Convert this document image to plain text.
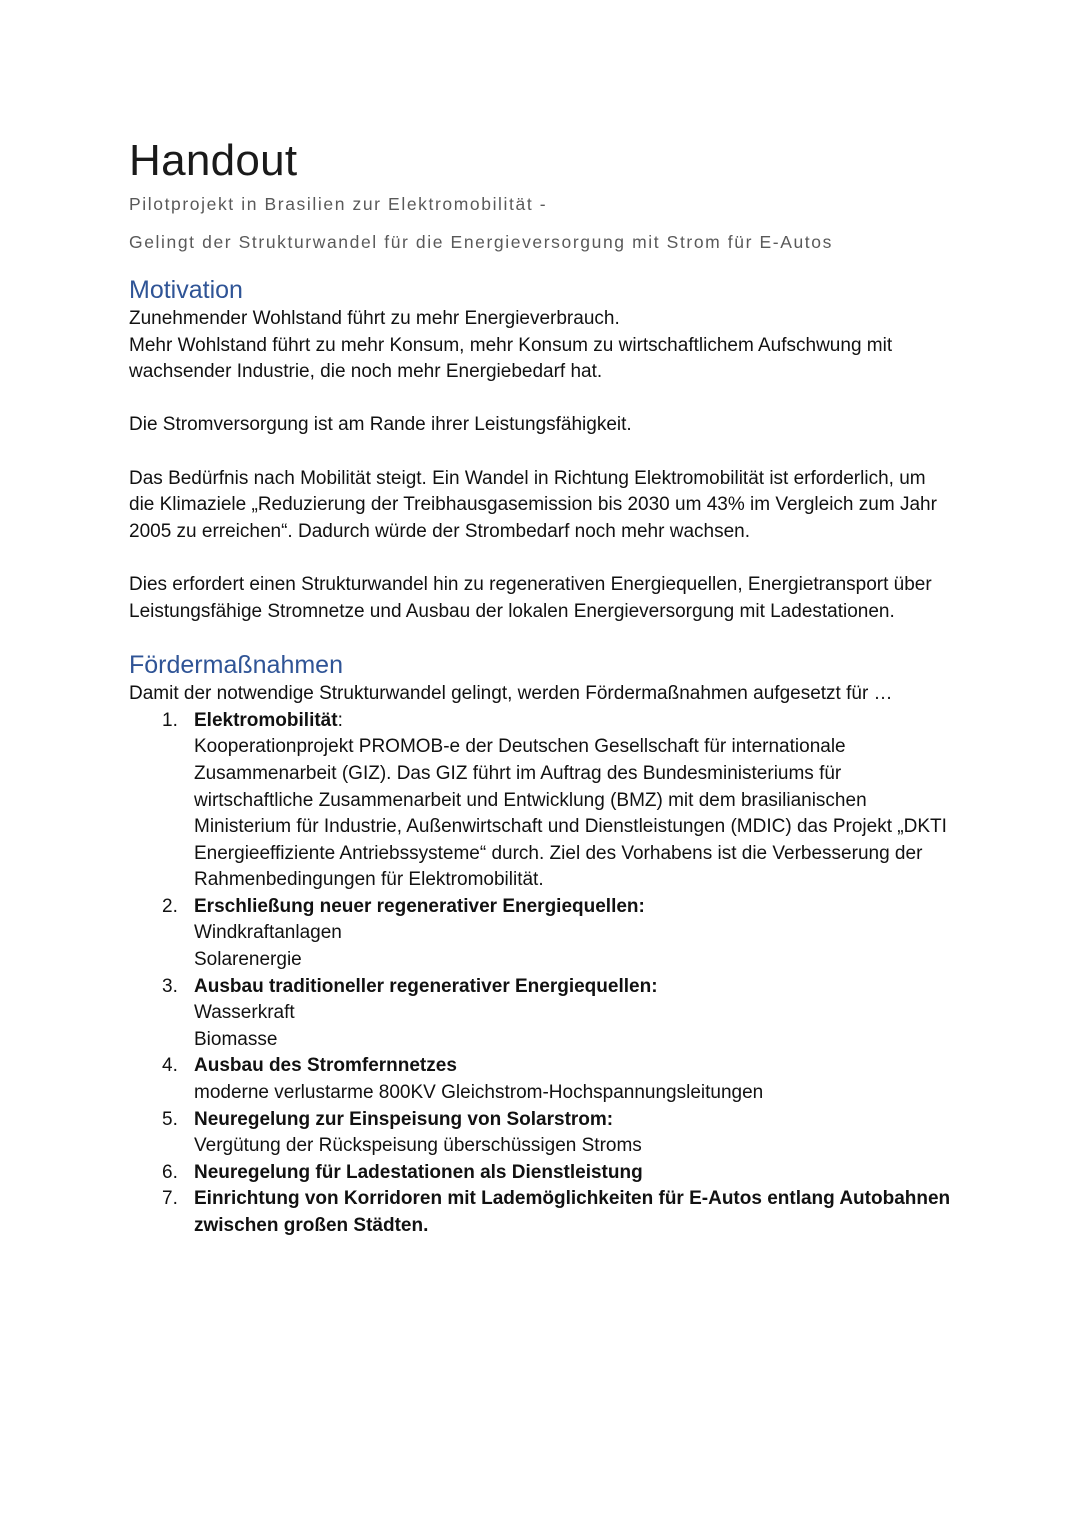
Handout

Pilotprojekt in Brasilien zur Elektromobilität -

Gelingt der Strukturwandel für die Energieversorgung mit Strom für E-Autos

Motivation

Zunehmender Wohlstand führt zu mehr Energieverbrauch.

Mehr Wohlstand führt zu mehr Konsum, mehr Konsum zu wirtschaftlichem Aufschwung mit wachsender Industrie, die noch mehr Energiebedarf hat.

Die Stromversorgung ist am Rande ihrer Leistungsfähigkeit.

Das Bedürfnis nach Mobilität steigt. Ein Wandel in Richtung Elektromobilität ist erforderlich, um die Klimaziele „Reduzierung der Treibhausgasemission bis 2030 um 43% im Vergleich zum Jahr 2005 zu erreichen“. Dadurch würde der Strombedarf noch mehr wachsen.

Dies erfordert einen Strukturwandel hin zu regenerativen Energiequellen, Energietransport über Leistungsfähige Stromnetze und Ausbau der lokalen Energieversorgung mit Ladestationen.

Fördermaßnahmen

Damit der notwendige Strukturwandel gelingt, werden Fördermaßnahmen aufgesetzt für …

1. Elektromobilität:
Kooperationprojekt PROMOB-e der Deutschen Gesellschaft für internationale Zusammenarbeit (GIZ). Das GIZ führt im Auftrag des Bundesministeriums für wirtschaftliche Zusammenarbeit und Entwicklung (BMZ) mit dem brasilianischen Ministerium für Industrie, Außenwirtschaft und Dienstleistungen (MDIC) das Projekt „DKTI Energieeffiziente Antriebssysteme“ durch. Ziel des Vorhabens ist die Verbesserung der Rahmenbedingungen für Elektromobilität.
2. Erschließung neuer regenerativer Energiequellen:
Windkraftanlagen
Solarenergie
3. Ausbau traditioneller regenerativer Energiequellen:
Wasserkraft
Biomasse
4. Ausbau des Stromfernnetzes
moderne verlustarme 800KV Gleichstrom-Hochspannungsleitungen
5. Neuregelung zur Einspeisung von Solarstrom:
Vergütung der Rückspeisung überschüssigen Stroms
6. Neuregelung für Ladestationen als Dienstleistung
7. Einrichtung von Korridoren mit Lademöglichkeiten für E-Autos entlang Autobahnen zwischen großen Städten.
